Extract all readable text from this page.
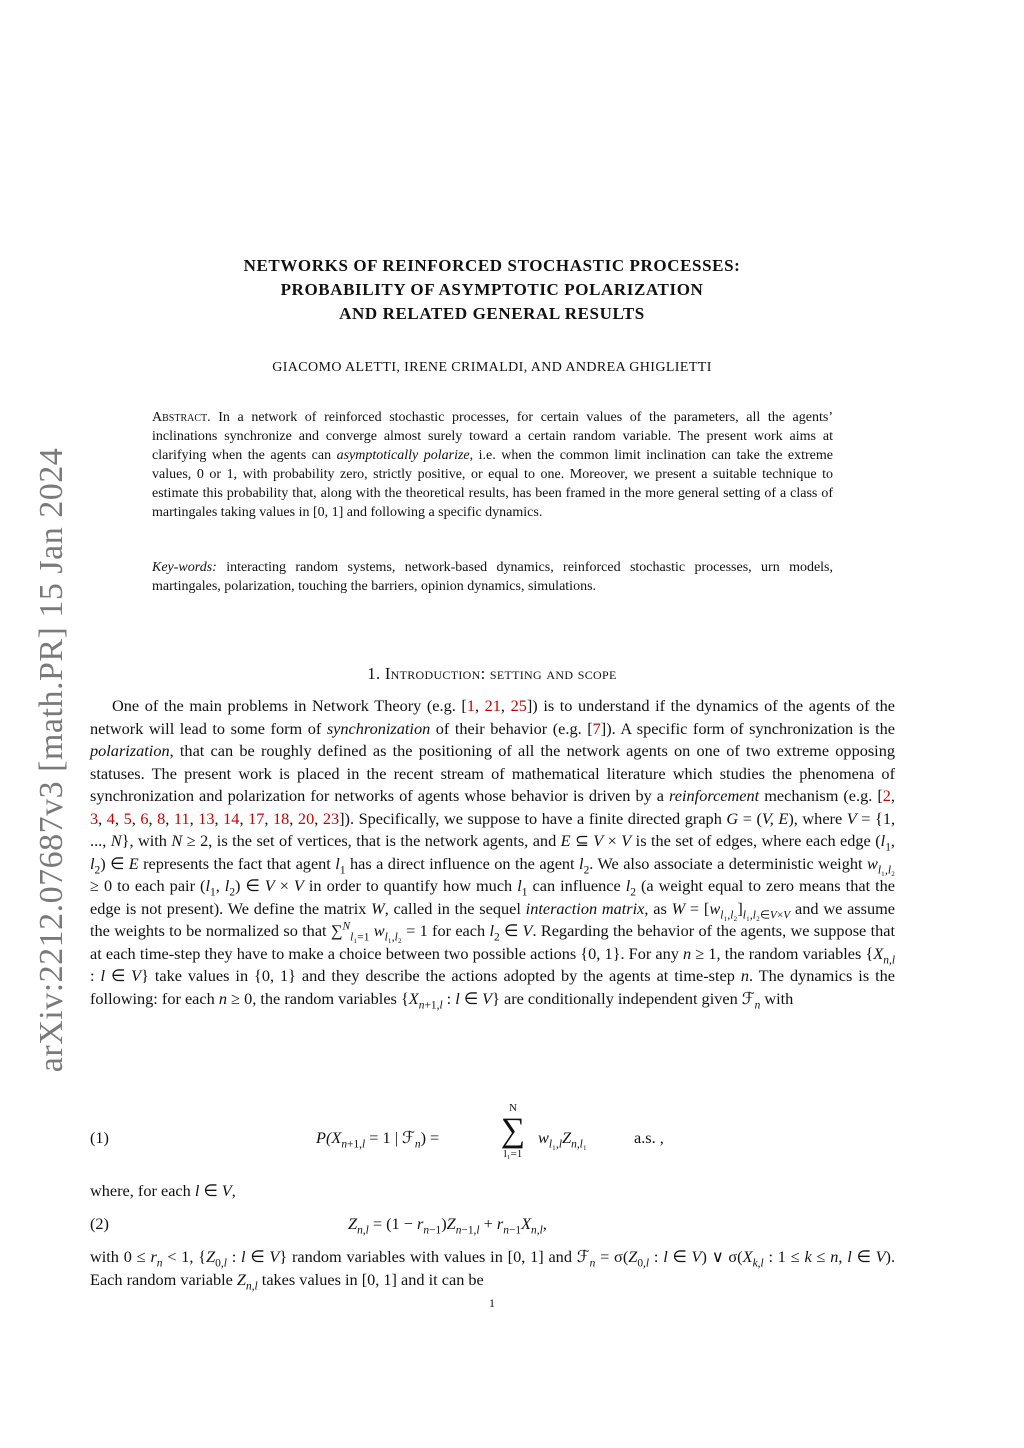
arXiv:2212.07687v3 [math.PR] 15 Jan 2024
NETWORKS OF REINFORCED STOCHASTIC PROCESSES:
PROBABILITY OF ASYMPTOTIC POLARIZATION
AND RELATED GENERAL RESULTS
GIACOMO ALETTI, IRENE CRIMALDI, AND ANDREA GHIGLIETTI
Abstract. In a network of reinforced stochastic processes, for certain values of the parameters, all the agents’ inclinations synchronize and converge almost surely toward a certain random variable. The present work aims at clarifying when the agents can asymptotically polarize, i.e. when the common limit inclination can take the extreme values, 0 or 1, with probability zero, strictly positive, or equal to one. Moreover, we present a suitable technique to estimate this probability that, along with the theoretical results, has been framed in the more general setting of a class of martingales taking values in [0, 1] and following a specific dynamics.
Key-words: interacting random systems, network-based dynamics, reinforced stochastic processes, urn models, martingales, polarization, touching the barriers, opinion dynamics, simulations.
1. Introduction: setting and scope

One of the main problems in Network Theory (e.g. [1, 21, 25]) is to understand if the dynamics of the agents of the network will lead to some form of synchronization of their behavior (e.g. [7]). A specific form of synchronization is the polarization, that can be roughly defined as the positioning of all the network agents on one of two extreme opposing statuses. The present work is placed in the recent stream of mathematical literature which studies the phenomena of synchronization and polarization for networks of agents whose behavior is driven by a reinforcement mechanism (e.g. [2, 3, 4, 5, 6, 8, 11, 13, 14, 17, 18, 20, 23]). Specifically, we suppose to have a finite directed graph G = (V, E), where V = {1, ..., N}, with N ≥ 2, is the set of vertices, that is the network agents, and E ⊆ V × V is the set of edges, where each edge ($l_1$, $l_2$) ∈ E represents the fact that agent $l_1$ has a direct influence on the agent $l_2$. We also associate a deterministic weight $w_{l_1,l_2} \ge 0$ to each pair ($l_1$, $l_2$) ∈ V × V in order to quantify how much $l_1$ can influence $l_2$ (a weight equal to zero means that the edge is not present). We define the matrix W, called in the sequel interaction matrix, as $W = [w_{l_1,l_2}]_{l_1,l_2\in V\times V}$ and we assume the weights to be normalized so that ∑$^N_{l_1=1}$ $w_{l_1,l_2} = 1$ for each $l_2$ ∈ V. Regarding the behavior of the agents, we suppose that at each time-step they have to make a choice between two possible actions {0, 1}. For any n ≥ 1, the random variables {$X_{n,l}$ : l ∈ V} take values in {0, 1} and they describe the actions adopted by the agents at time-step n. The dynamics is the following: for each n ≥ 0, the random variables {$X_{n+1,l}$ : l ∈ V} are conditionally independent given ℱ$_n$ with

(1)	$P(X_{n+1,l} = 1$ | ℱ$_n$) =
N
∑
l₁=1
$w_{l_1,l}Z_{n,l_1}$	a.s. ,

where, for each l ∈ V,

(2)	$Z_{n,l} = (1 - r_{n-1})Z_{n-1,l} + r_{n-1}X_{n,l}$,

with $0 \le r_n < 1$, {$Z_{0,l}$ : l ∈ V} random variables with values in [0, 1] and ℱ$_n$ = $\sigma(Z_{0,l}$ : l ∈ V) ∨ $\sigma(X_{k,l}$ : 1 ≤ k ≤ n, l ∈ V). Each random variable $Z_{n,l}$ takes values in [0, 1] and it can be

1
